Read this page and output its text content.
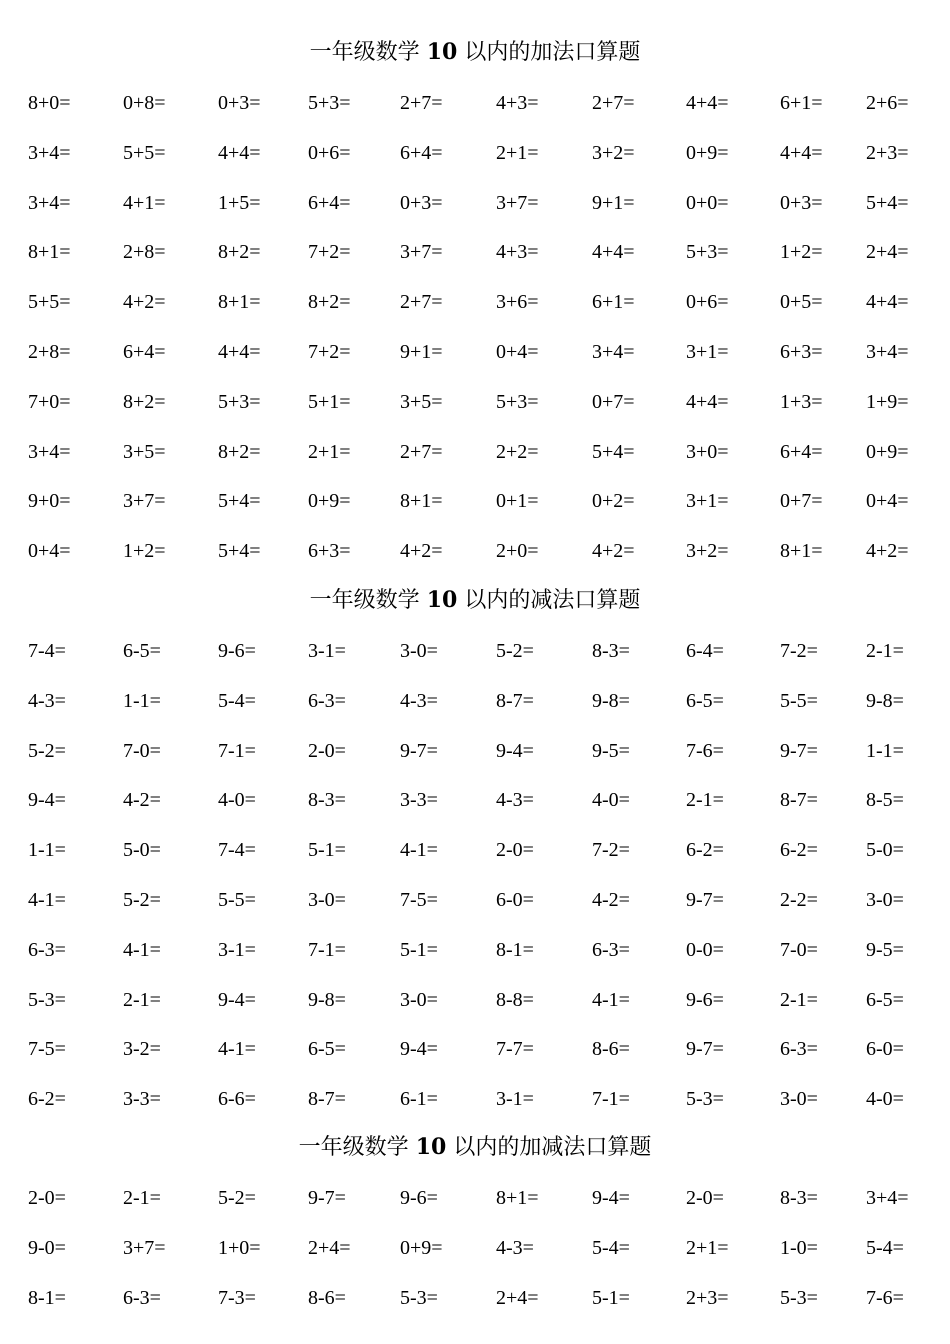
一年级数学 10 以内的加法口算题
8+0=	0+8=	0+3= 5+3= 2+7=	4+3=	2+7=	4+4=	6+1= 2+6=
3+4=	5+5=	4+4= 0+6= 6+4=	2+1=	3+2=	0+9=	4+4= 2+3=
3+4=	4+1=	1+5= 6+4= 0+3=	3+7=	9+1=	0+0=	0+3= 5+4=
8+1=	2+8=	8+2= 7+2= 3+7=	4+3=	4+4=	5+3=	1+2= 2+4=
5+5=	4+2=	8+1= 8+2= 2+7=	3+6=	6+1=	0+6=	0+5= 4+4=
2+8=	6+4=	4+4= 7+2= 9+1=	0+4=	3+4=	3+1=	6+3= 3+4=
7+0=	8+2=	5+3= 5+1= 3+5=	5+3=	0+7=	4+4=	1+3= 1+9=
3+4=	3+5=	8+2= 2+1= 2+7=	2+2=	5+4=	3+0=	6+4= 0+9=
9+0=	3+7=	5+4= 0+9= 8+1=	0+1=	0+2=	3+1=	0+7= 0+4=
0+4=	1+2=	5+4= 6+3= 4+2=	2+0=	4+2=	3+2=	8+1= 4+2=
一年级数学 10 以内的减法口算题
7-4=	6-5=	9-6=	3-1=	3-0=	5-2=	8-3=	6-4=	7-2= 2-1=
4-3=	1-1=	5-4=	6-3=	4-3=	8-7=	9-8=	6-5=	5-5= 9-8=
5-2=	7-0=	7-1=	2-0=	9-7=	9-4=	9-5=	7-6=	9-7= 1-1=
9-4=	4-2=	4-0=	8-3=	3-3=	4-3=	4-0=	2-1=	8-7= 8-5=
1-1=	5-0=	7-4=	5-1=	4-1=	2-0=	7-2=	6-2=	6-2= 5-0=
4-1=	5-2=	5-5=	3-0=	7-5=	6-0=	4-2=	9-7=	2-2= 3-0=
6-3=	4-1=	3-1=	7-1=	5-1=	8-1=	6-3=	0-0=	7-0= 9-5=
5-3=	2-1=	9-4=	9-8=	3-0=	8-8=	4-1=	9-6=	2-1= 6-5=
7-5=	3-2=	4-1=	6-5=	9-4=	7-7=	8-6=	9-7=	6-3= 6-0=
6-2=	3-3=	6-6=	8-7=	6-1=	3-1=	7-1=	5-3=	3-0= 4-0=
一年级数学 10 以内的加减法口算题
2-0=	2-1=	5-2=	9-7=	9-6=	8+1=	9-4=	2-0=	8-3= 3+4=
9-0=	3+7=	1+0= 2+4= 0+9=	4-3=	5-4=	2+1=	1-0= 5-4=
8-1=	6-3=	7-3=	8-6=	5-3=	2+4=	5-1=	2+3=	5-3= 7-6=
